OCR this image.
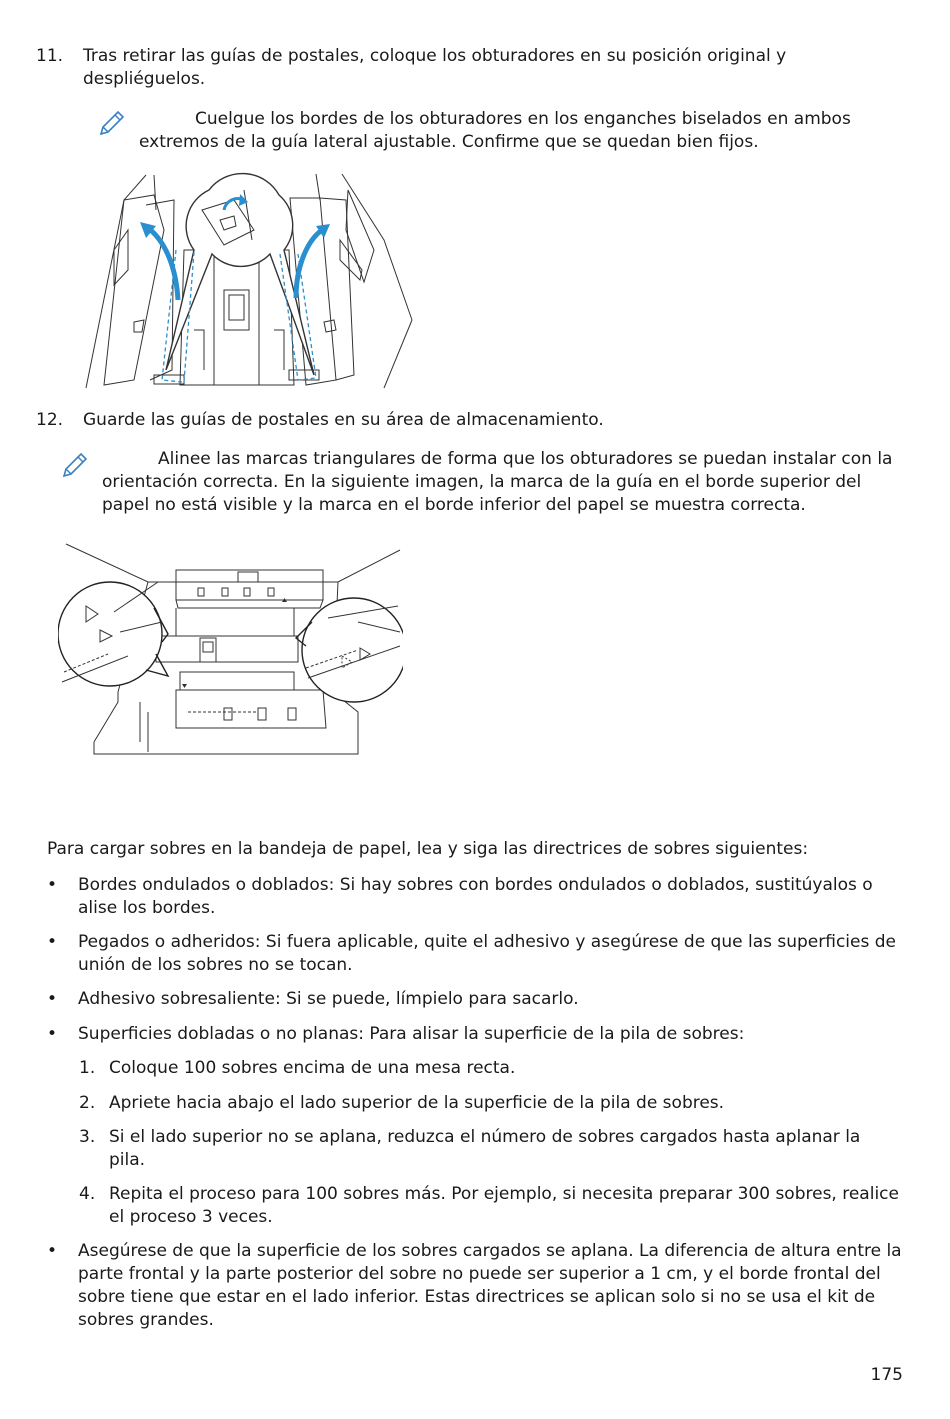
11. Tras retirar las guías de postales, coloque los obturadores en su posición original y despliéguelos.
Cuelgue los bordes de los obturadores en los enganches biselados en ambos extremos de la guía lateral ajustable. Confirme que se quedan bien fijos.
12. Guarde las guías de postales en su área de almacenamiento.
Alinee las marcas triangulares de forma que los obturadores se puedan instalar con la orientación correcta. En la siguiente imagen, la marca de la guía en el borde superior del papel no está visible y la marca en el borde inferior del papel se muestra correcta.
Para cargar sobres en la bandeja de papel, lea y siga las directrices de sobres siguientes:
• Bordes ondulados o doblados: Si hay sobres con bordes ondulados o doblados, sustitúyalos o alise los bordes.
• Pegados o adheridos: Si fuera aplicable, quite el adhesivo y asegúrese de que las superficies de unión de los sobres no se tocan.
• Adhesivo sobresaliente: Si se puede, límpielo para sacarlo.
• Superficies dobladas o no planas: Para alisar la superficie de la pila de sobres:
1. Coloque 100 sobres encima de una mesa recta.
2. Apriete hacia abajo el lado superior de la superficie de la pila de sobres.
3. Si el lado superior no se aplana, reduzca el número de sobres cargados hasta aplanar la pila.
4. Repita el proceso para 100 sobres más. Por ejemplo, si necesita preparar 300 sobres, realice el proceso 3 veces.
• Asegúrese de que la superficie de los sobres cargados se aplana. La diferencia de altura entre la parte frontal y la parte posterior del sobre no puede ser superior a 1 cm, y el borde frontal del sobre tiene que estar en el lado inferior. Estas directrices se aplican solo si no se usa el kit de sobres grandes.
175
